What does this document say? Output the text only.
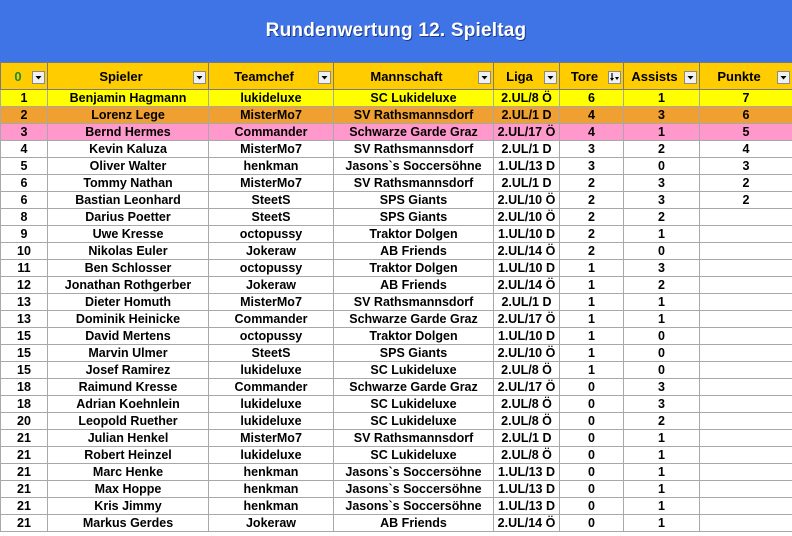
Rundenwertung 12. Spieltag
0	Spieler	Teamchef	Mannschaft	Liga	Tore	Assists	Punkte

1	Benjamin Hagmann	lukideluxe	SC Lukideluxe	2.UL/8 Ö	6	1	7
2	Lorenz Lege	MisterMo7	SV Rathsmannsdorf	2.UL/1 D	4	3	6
3	Bernd Hermes	Commander	Schwarze Garde Graz	2.UL/17 Ö	4	1	5
4	Kevin Kaluza	MisterMo7	SV Rathsmannsdorf	2.UL/1 D	3	2	4
5	Oliver Walter	henkman	Jasons`s Soccersöhne	1.UL/13 D	3	0	3
6	Tommy Nathan	MisterMo7	SV Rathsmannsdorf	2.UL/1 D	2	3	2
6	Bastian Leonhard	SteetS	SPS Giants	2.UL/10 Ö	2	3	2
8	Darius Poetter	SteetS	SPS Giants	2.UL/10 Ö	2	2	
9	Uwe Kresse	octopussy	Traktor Dolgen	1.UL/10 D	2	1	
10	Nikolas Euler	Jokeraw	AB Friends	2.UL/14 Ö	2	0	
11	Ben Schlosser	octopussy	Traktor Dolgen	1.UL/10 D	1	3	
12	Jonathan Rothgerber	Jokeraw	AB Friends	2.UL/14 Ö	1	2	
13	Dieter Homuth	MisterMo7	SV Rathsmannsdorf	2.UL/1 D	1	1	
13	Dominik Heinicke	Commander	Schwarze Garde Graz	2.UL/17 Ö	1	1	
15	David Mertens	octopussy	Traktor Dolgen	1.UL/10 D	1	0	
15	Marvin Ulmer	SteetS	SPS Giants	2.UL/10 Ö	1	0	
15	Josef Ramirez	lukideluxe	SC Lukideluxe	2.UL/8 Ö	1	0	
18	Raimund Kresse	Commander	Schwarze Garde Graz	2.UL/17 Ö	0	3	
18	Adrian Koehnlein	lukideluxe	SC Lukideluxe	2.UL/8 Ö	0	3	
20	Leopold Ruether	lukideluxe	SC Lukideluxe	2.UL/8 Ö	0	2	
21	Julian Henkel	MisterMo7	SV Rathsmannsdorf	2.UL/1 D	0	1	
21	Robert Heinzel	lukideluxe	SC Lukideluxe	2.UL/8 Ö	0	1	
21	Marc Henke	henkman	Jasons`s Soccersöhne	1.UL/13 D	0	1	
21	Max Hoppe	henkman	Jasons`s Soccersöhne	1.UL/13 D	0	1	
21	Kris Jimmy	henkman	Jasons`s Soccersöhne	1.UL/13 D	0	1	
21	Markus Gerdes	Jokeraw	AB Friends	2.UL/14 Ö	0	1	
